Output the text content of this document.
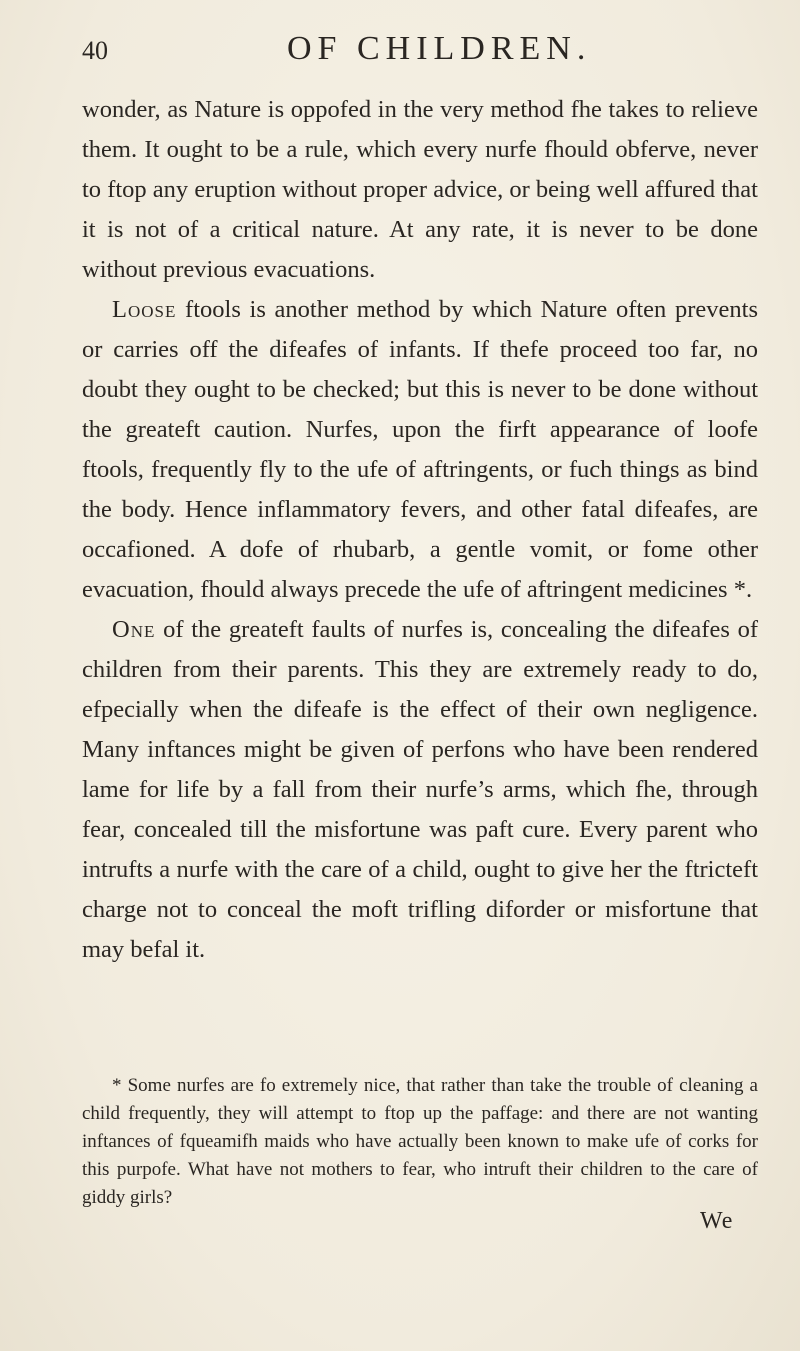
40	OF CHILDREN.

wonder, as Nature is oppofed in the very method fhe takes to relieve them. It ought to be a rule, which every nurfe fhould obferve, never to ftop any eruption without proper advice, or being well affured that it is not of a critical nature. At any rate, it is never to be done without previous evacuations.

Loose ftools is another method by which Nature often prevents or carries off the difeafes of infants. If thefe proceed too far, no doubt they ought to be checked; but this is never to be done without the greateft caution. Nurfes, upon the firft appearance of loofe ftools, frequently fly to the ufe of aftringents, or fuch things as bind the body. Hence inflammatory fevers, and other fatal difeafes, are occafioned. A dofe of rhubarb, a gentle vomit, or fome other evacuation, fhould always precede the ufe of aftringent medicines *.

One of the greateft faults of nurfes is, concealing the difeafes of children from their parents. This they are extremely ready to do, efpecially when the difeafe is the effect of their own negligence. Many inftances might be given of perfons who have been rendered lame for life by a fall from their nurfe’s arms, which fhe, through fear, concealed till the misfortune was paft cure. Every parent who intrufts a nurfe with the care of a child, ought to give her the ftricteft charge not to conceal the moft trifling diforder or misfortune that may befal it.

* Some nurfes are fo extremely nice, that rather than take the trouble of cleaning a child frequently, they will attempt to ftop up the paffage: and there are not wanting inftances of fqueamifh maids who have actually been known to make ufe of corks for this purpofe. What have not mothers to fear, who intruft their children to the care of giddy girls?
We
